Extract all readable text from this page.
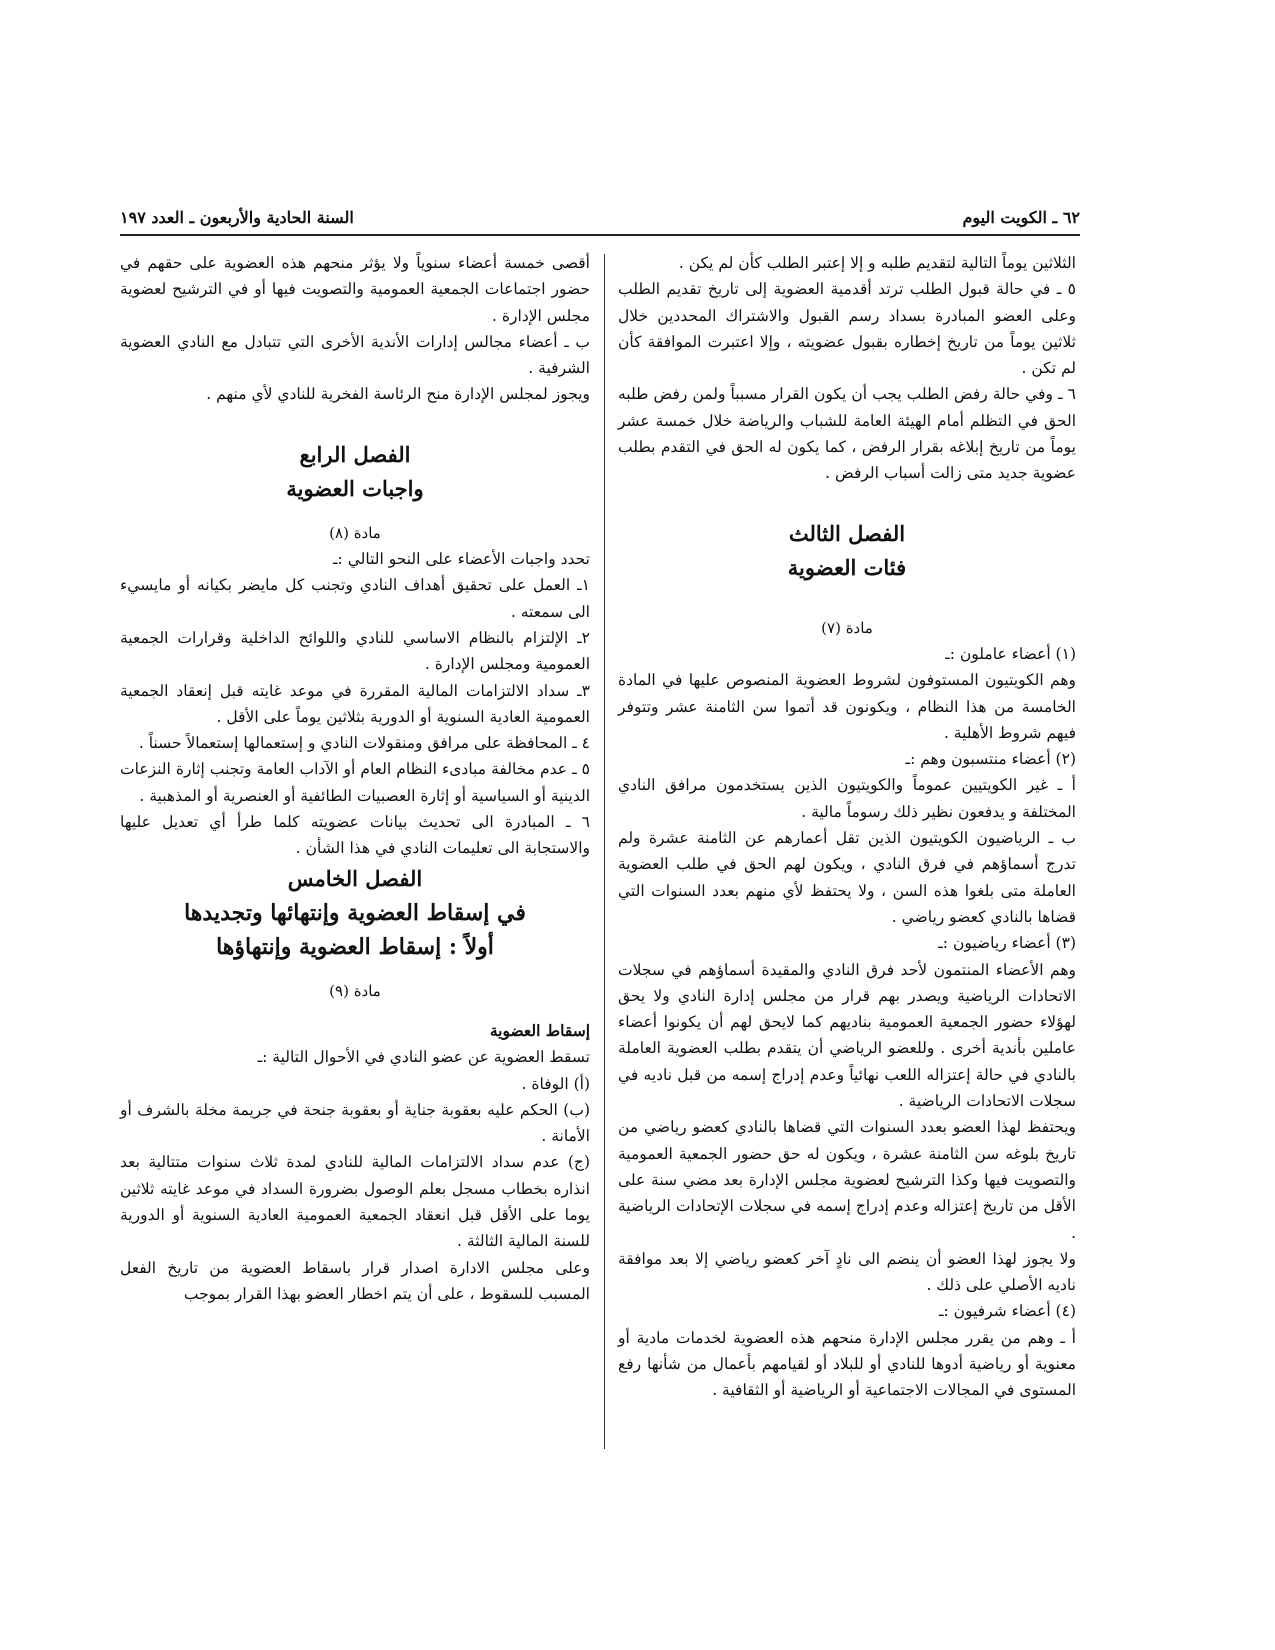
٦٢ ـ الكويت اليوم
السنة الحادية والأربعون ـ العدد ١٩٧

الثلاثين يوماً التالية لتقديم طلبه و إلا إعتبر الطلب كأن لم يكن .

٥ ـ في حالة قبول الطلب ترتد أقدمية العضوية إلى تاريخ تقديم الطلب وعلى العضو المبادرة بسداد رسم القبول والاشتراك المحددين خلال ثلاثين يوماً من تاريخ إخطاره بقبول عضويته ، وإلا اعتبرت الموافقة كأن لم تكن .

٦ ـ وفي حالة رفض الطلب يجب أن يكون القرار مسبباً ولمن رفض طلبه الحق في التظلم أمام الهيئة العامة للشباب والرياضة خلال خمسة عشر يوماً من تاريخ إبلاغه بقرار الرفض ، كما يكون له الحق في التقدم بطلب عضوية جديد متى زالت أسباب الرفض .

الفصل الثالث

فئات العضوية

مادة (٧)

(١) أعضاء عاملون :ـ

وهم الكويتيون المستوفون لشروط العضوية المنصوص عليها في المادة الخامسة من هذا النظام ، ويكونون قد أتموا سن الثامنة عشر وتتوفر فيهم شروط الأهلية .

(٢) أعضاء منتسبون وهم :ـ

أ ـ غير الكويتيين عموماً والكويتيون الذين يستخدمون مرافق النادي المختلفة و يدفعون نظير ذلك رسوماً مالية .

ب ـ الرياضيون الكويتيون الذين تقل أعمارهم عن الثامنة عشرة ولم تدرج أسماؤهم في فرق النادي ، ويكون لهم الحق في طلب العضوية العاملة متى بلغوا هذه السن ، ولا يحتفظ لأي منهم بعدد السنوات التي قضاها بالنادي كعضو رياضي .

(٣) أعضاء رياضيون :ـ

وهم الأعضاء المنتمون لأحد فرق النادي والمقيدة أسماؤهم في سجلات الاتحادات الرياضية ويصدر بهم قرار من مجلس إدارة النادي ولا يحق لهؤلاء حضور الجمعية العمومية بناديهم كما لايحق لهم أن يكونوا أعضاء عاملين بأندية أخرى . وللعضو الرياضي أن يتقدم بطلب العضوية العاملة بالنادي في حالة إعتزاله اللعب نهائياً وعدم إدراج إسمه من قبل ناديه في سجلات الاتحادات الرياضية .

ويحتفظ لهذا العضو بعدد السنوات التي قضاها بالنادي كعضو رياضي من تاريخ بلوغه سن الثامنة عشرة ، ويكون له حق حضور الجمعية العمومية والتصويت فيها وكذا الترشيح لعضوية مجلس الإدارة بعد مضي سنة على الأقل من تاريخ إعتزاله وعدم إدراج إسمه في سجلات الإتحادات الرياضية .

ولا يجوز لهذا العضو أن ينضم الى نادٍ آخر كعضو رياضي إلا بعد موافقة ناديه الأصلي على ذلك .

(٤) أعضاء شرفيون :ـ

أ ـ وهم من يقرر مجلس الإدارة منحهم هذه العضوية لخدمات مادية أو معنوية أو رياضية أدوها للنادي أو للبلاد أو لقيامهم بأعمال من شأنها رفع المستوى في المجالات الاجتماعية أو الرياضية أو الثقافية .

أقصى خمسة أعضاء سنوياً ولا يؤثر منحهم هذه العضوية على حقهم في حضور اجتماعات الجمعية العمومية والتصويت فيها أو في الترشيح لعضوية مجلس الإدارة .

ب ـ أعضاء مجالس إدارات الأندية الأخرى التي تتبادل مع النادي العضوية الشرفية .

ويجوز لمجلس الإدارة منح الرئاسة الفخرية للنادي لأي منهم .

الفصل الرابع

واجبات العضوية

مادة (٨)

تحدد واجبات الأعضاء على النحو التالي :ـ

١ـ العمل على تحقيق أهداف النادي وتجنب كل مايضر بكيانه أو مايسيء الى سمعته .

٢ـ الإلتزام بالنظام الاساسي للنادي واللوائح الداخلية وقرارات الجمعية العمومية ومجلس الإدارة .

٣ـ سداد الالتزامات المالية المقررة في موعد غايته قبل إنعقاد الجمعية العمومية العادية السنوية أو الدورية بثلاثين يوماً على الأقل .

٤ ـ المحافظة على مرافق ومنقولات النادي و إستعمالها إستعمالاً حسناً .

٥ ـ عدم مخالفة مبادىء النظام العام أو الآداب العامة وتجنب إثارة النزعات الدينية أو السياسية أو إثارة العصبيات الطائفية أو العنصرية أو المذهبية .

٦ ـ المبادرة الى تحديث بيانات عضويته كلما طرأ أي تعديل عليها والاستجابة الى تعليمات النادي في هذا الشأن .

الفصل الخامس

في إسقاط العضوية وإنتهائها وتجديدها

أولاً : إسقاط العضوية وإنتهاؤها

مادة (٩)

إسقاط العضوية

تسقط العضوية عن عضو النادي في الأحوال التالية :ـ

(أ) الوفاة .

(ب) الحكم عليه بعقوبة جناية أو بعقوبة جنحة في جريمة مخلة بالشرف أو الأمانة .

(ج) عدم سداد الالتزامات المالية للنادي لمدة ثلاث سنوات متتالية بعد انذاره بخطاب مسجل بعلم الوصول بضرورة السداد في موعد غايته ثلاثين يوما على الأقل قبل انعقاد الجمعية العمومية العادية السنوية أو الدورية للسنة المالية الثالثة .

وعلى مجلس الادارة اصدار قرار باسقاط العضوية من تاريخ الفعل المسبب للسقوط ، على أن يتم اخطار العضو بهذا القرار بموجب
